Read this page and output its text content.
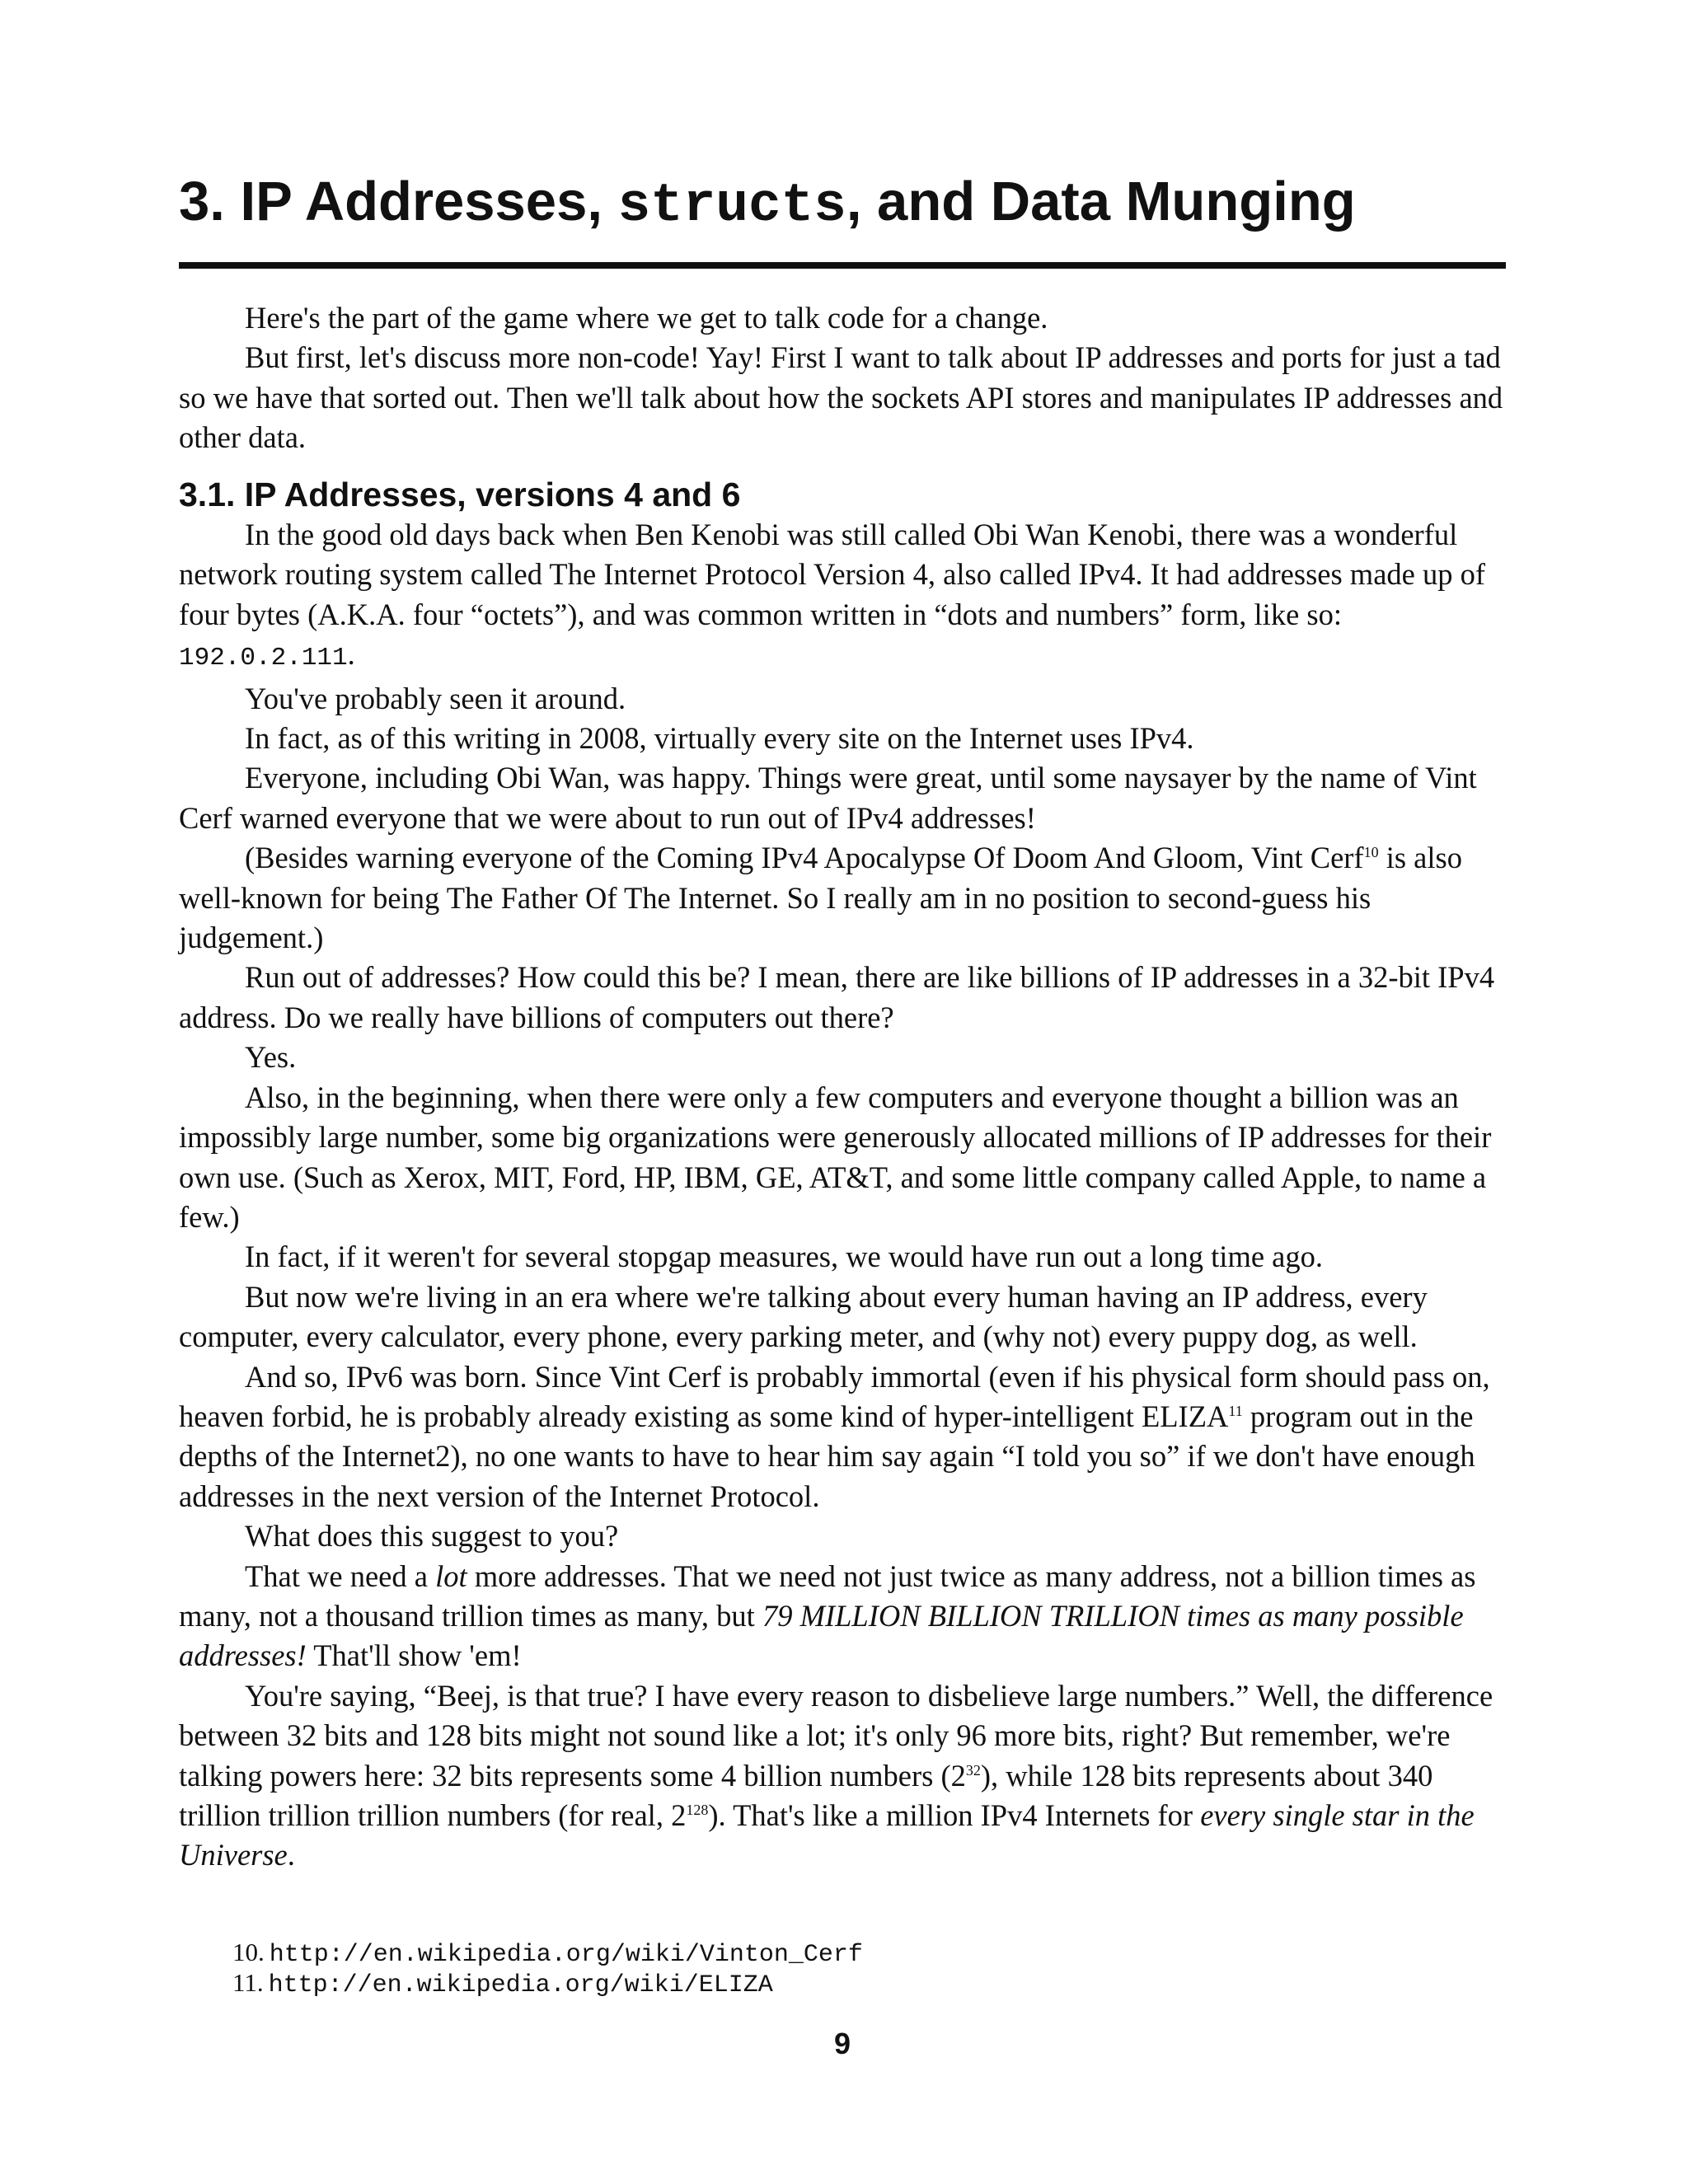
3. IP Addresses, structs, and Data Munging

Here's the part of the game where we get to talk code for a change.

But first, let's discuss more non-code! Yay! First I want to talk about IP addresses and ports for just a tad so we have that sorted out. Then we'll talk about how the sockets API stores and manipulates IP addresses and other data.

3.1. IP Addresses, versions 4 and 6

In the good old days back when Ben Kenobi was still called Obi Wan Kenobi, there was a wonderful network routing system called The Internet Protocol Version 4, also called IPv4. It had addresses made up of four bytes (A.K.A. four “octets”), and was common written in “dots and numbers” form, like so: 192.0.2.111.

You've probably seen it around.

In fact, as of this writing in 2008, virtually every site on the Internet uses IPv4.

Everyone, including Obi Wan, was happy. Things were great, until some naysayer by the name of Vint Cerf warned everyone that we were about to run out of IPv4 addresses!

(Besides warning everyone of the Coming IPv4 Apocalypse Of Doom And Gloom, Vint Cerf$^{10}$ is also well-known for being The Father Of The Internet. So I really am in no position to second-guess his judgement.)

Run out of addresses? How could this be? I mean, there are like billions of IP addresses in a 32-bit IPv4 address. Do we really have billions of computers out there?

Yes.

Also, in the beginning, when there were only a few computers and everyone thought a billion was an impossibly large number, some big organizations were generously allocated millions of IP addresses for their own use. (Such as Xerox, MIT, Ford, HP, IBM, GE, AT&T, and some little company called Apple, to name a few.)

In fact, if it weren't for several stopgap measures, we would have run out a long time ago.

But now we're living in an era where we're talking about every human having an IP address, every computer, every calculator, every phone, every parking meter, and (why not) every puppy dog, as well.

And so, IPv6 was born. Since Vint Cerf is probably immortal (even if his physical form should pass on, heaven forbid, he is probably already existing as some kind of hyper-intelligent ELIZA$^{11}$ program out in the depths of the Internet2), no one wants to have to hear him say again “I told you so” if we don't have enough addresses in the next version of the Internet Protocol.

What does this suggest to you?

That we need a lot more addresses. That we need not just twice as many address, not a billion times as many, not a thousand trillion times as many, but 79 MILLION BILLION TRILLION times as many possible addresses! That'll show 'em!

You're saying, “Beej, is that true? I have every reason to disbelieve large numbers.” Well, the difference between 32 bits and 128 bits might not sound like a lot; it's only 96 more bits, right? But remember, we're talking powers here: 32 bits represents some 4 billion numbers $(2^{32})$, while 128 bits represents about 340 trillion trillion trillion numbers (for real, $2^{128}$). That's like a million IPv4 Internets for every single star in the Universe.

10. http://en.wikipedia.org/wiki/Vinton_Cerf
11. http://en.wikipedia.org/wiki/ELIZA
9
